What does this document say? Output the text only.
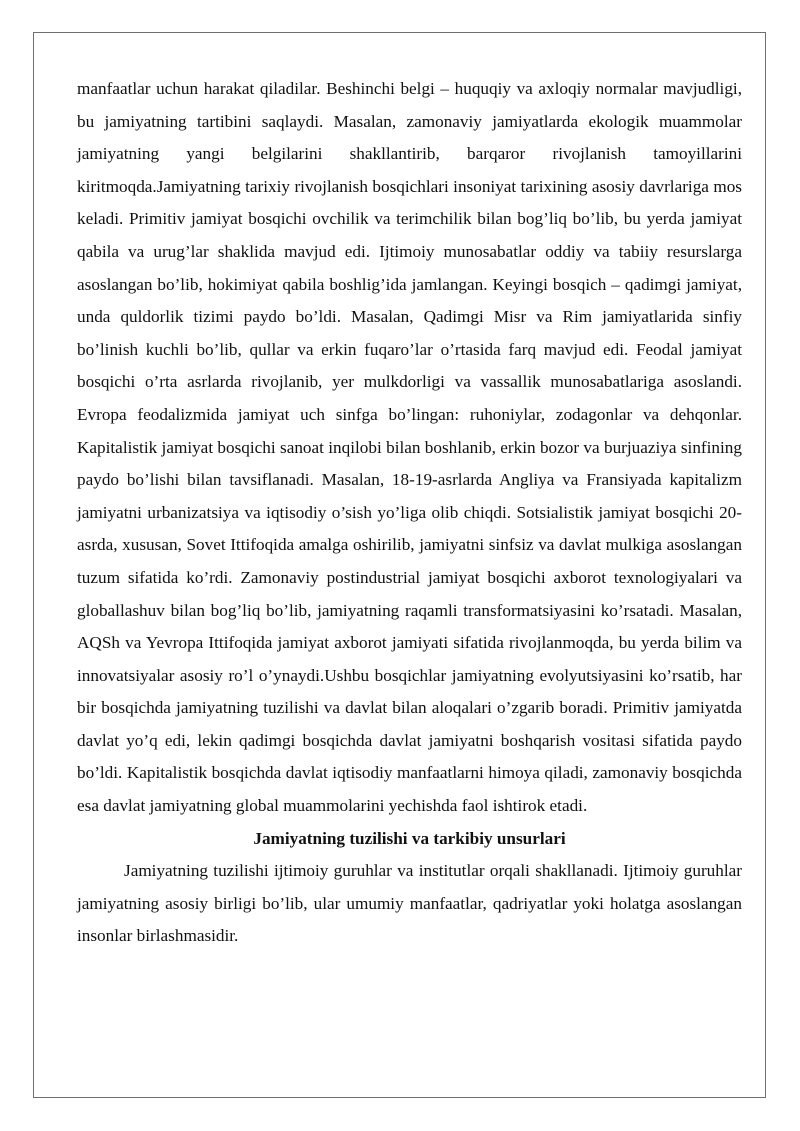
manfaatlar uchun harakat qiladilar. Beshinchi belgi – huquqiy va axloqiy normalar mavjudligi, bu jamiyatning tartibini saqlaydi. Masalan, zamonaviy jamiyatlarda ekologik muammolar jamiyatning yangi belgilarini shakllantirib, barqaror rivojlanish tamoyillarini kiritmoqda.Jamiyatning tarixiy rivojlanish bosqichlari insoniyat tarixining asosiy davrlariga mos keladi. Primitiv jamiyat bosqichi ovchilik va terimchilik bilan bog’liq bo’lib, bu yerda jamiyat qabila va urug’lar shaklida mavjud edi. Ijtimoiy munosabatlar oddiy va tabiiy resurslarga asoslangan bo’lib, hokimiyat qabila boshlig’ida jamlangan. Keyingi bosqich – qadimgi jamiyat, unda quldorlik tizimi paydo bo’ldi. Masalan, Qadimgi Misr va Rim jamiyatlarida sinfiy bo’linish kuchli bo’lib, qullar va erkin fuqaro’lar o’rtasida farq mavjud edi. Feodal jamiyat bosqichi o’rta asrlarda rivojlanib, yer mulkdorligi va vassallik munosabatlariga asoslandi. Evropa feodalizmida jamiyat uch sinfga bo’lingan: ruhoniylar, zodagonlar va dehqonlar. Kapitalistik jamiyat bosqichi sanoat inqilobi bilan boshlanib, erkin bozor va burjuaziya sinfining paydo bo’lishi bilan tavsiflanadi. Masalan, 18-19-asrlarda Angliya va Fransiyada kapitalizm jamiyatni urbanizatsiya va iqtisodiy o’sish yo’liga olib chiqdi. Sotsialistik jamiyat bosqichi 20-asrda, xususan, Sovet Ittifoqida amalga oshirilib, jamiyatni sinfsiz va davlat mulkiga asoslangan tuzum sifatida ko’rdi. Zamonaviy postindustrial jamiyat bosqichi axborot texnologiyalari va globallashuv bilan bog’liq bo’lib, jamiyatning raqamli transformatsiyasini ko’rsatadi. Masalan, AQSh va Yevropa Ittifoqida jamiyat axborot jamiyati sifatida rivojlanmoqda, bu yerda bilim va innovatsiyalar asosiy ro’l o’ynaydi.Ushbu bosqichlar jamiyatning evolyutsiyasini ko’rsatib, har bir bosqichda jamiyatning tuzilishi va davlat bilan aloqalari o’zgarib boradi. Primitiv jamiyatda davlat yo’q edi, lekin qadimgi bosqichda davlat jamiyatni boshqarish vositasi sifatida paydo bo’ldi. Kapitalistik bosqichda davlat iqtisodiy manfaatlarni himoya qiladi, zamonaviy bosqichda esa davlat jamiyatning global muammolarini yechishda faol ishtirok etadi.

Jamiyatning tuzilishi va tarkibiy unsurlari

Jamiyatning tuzilishi ijtimoiy guruhlar va institutlar orqali shakllanadi. Ijtimoiy guruhlar jamiyatning asosiy birligi bo’lib, ular umumiy manfaatlar, qadriyatlar yoki holatga asoslangan insonlar birlashmasidir.
